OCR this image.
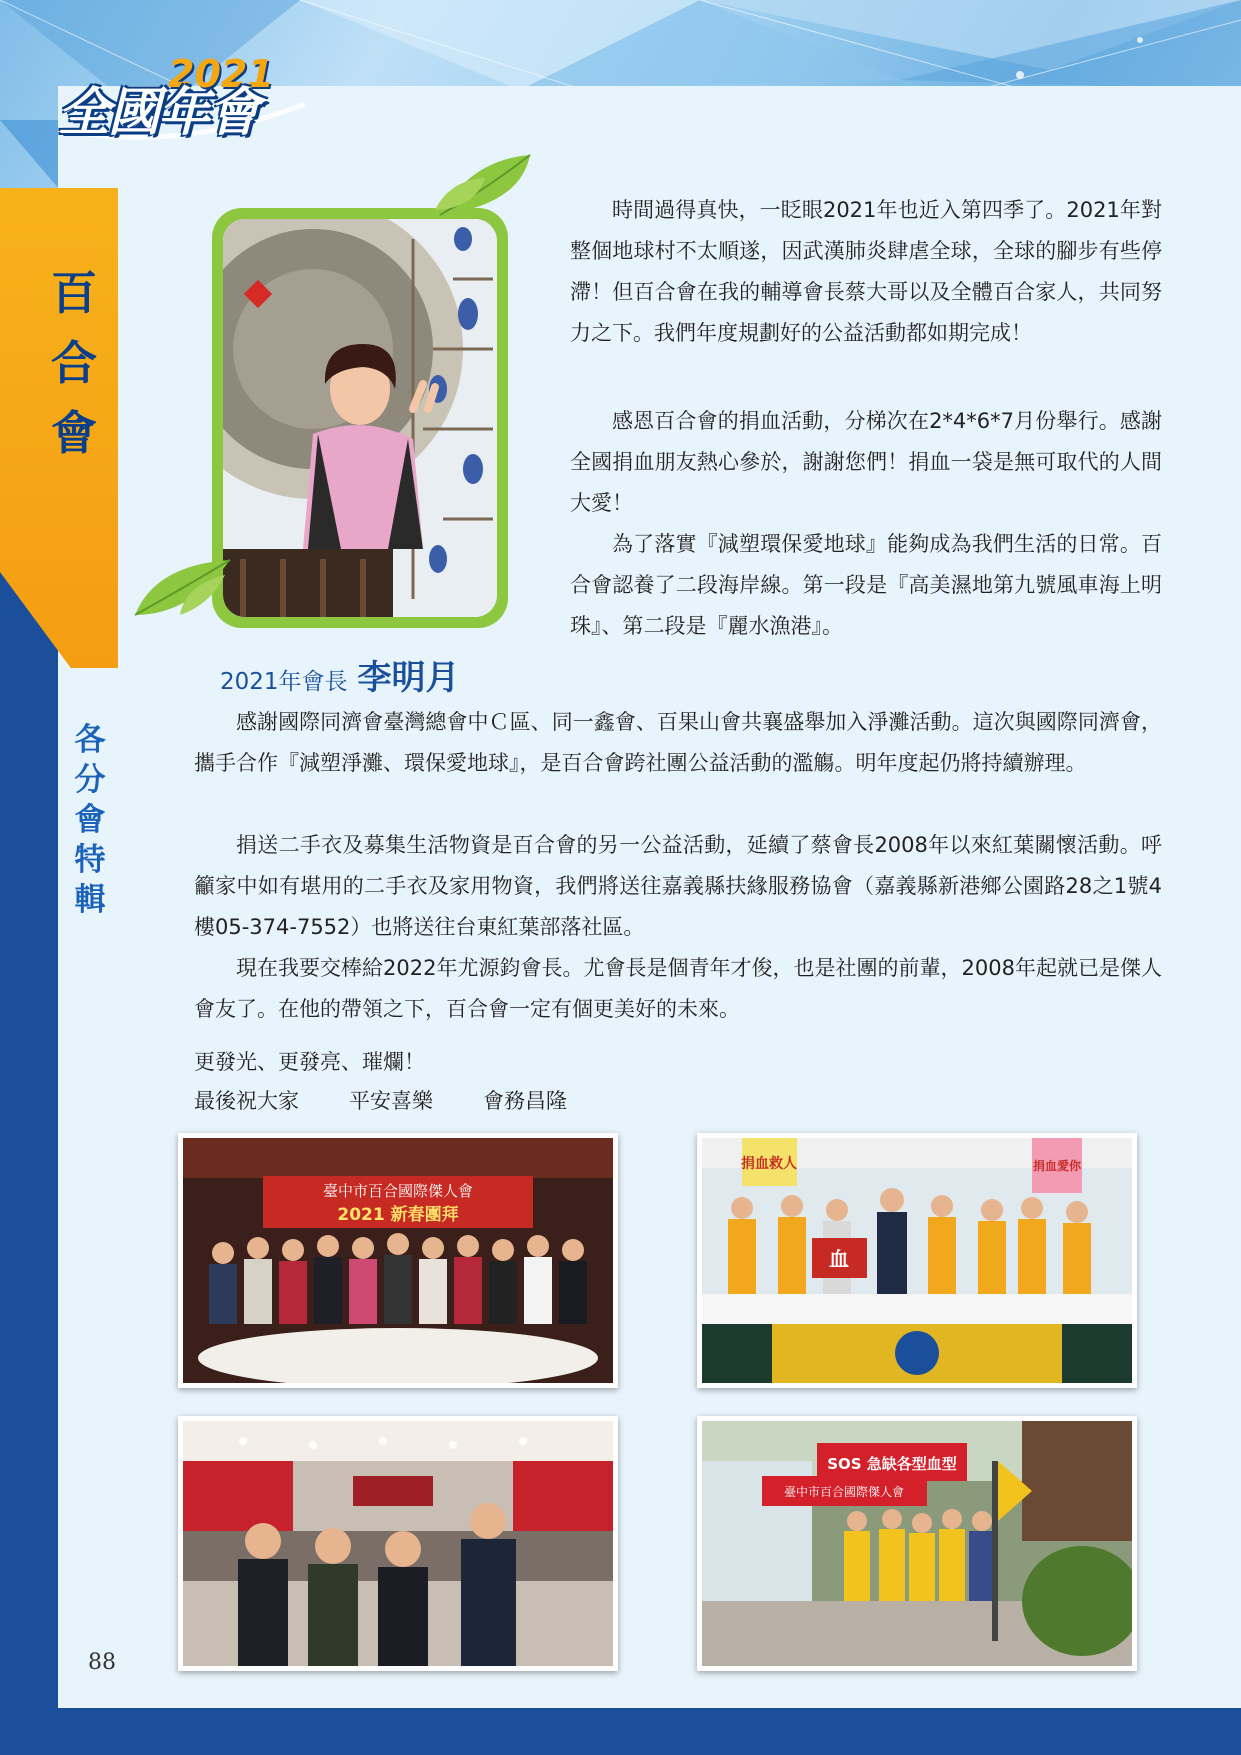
百
合
會
各
分
會
特
輯
2021
全國年會
2021年會長 李明月

時間過得真快，一眨眼2021年也近入第四季了。2021年對整個地球村不太順遂，因武漢肺炎肆虐全球，全球的腳步有些停滯！但百合會在我的輔導會長蔡大哥以及全體百合家人，共同努力之下。我們年度規劃好的公益活動都如期完成！

感恩百合會的捐血活動，分梯次在2*4*6*7月份舉行。感謝全國捐血朋友熱心參於，謝謝您們！捐血一袋是無可取代的人間大愛！

為了落實『減塑環保愛地球』能夠成為我們生活的日常。百合會認養了二段海岸線。第一段是『高美濕地第九號風車海上明珠』、第二段是『麗水漁港』。

感謝國際同濟會臺灣總會中Ｃ區、同一鑫會、百果山會共襄盛舉加入淨灘活動。這次與國際同濟會，攜手合作『減塑淨灘、環保愛地球』，是百合會跨社團公益活動的濫觴。明年度起仍將持續辦理。

捐送二手衣及募集生活物資是百合會的另一公益活動，延續了蔡會長2008年以來紅葉關懷活動。呼籲家中如有堪用的二手衣及家用物資，我們將送往嘉義縣扶緣服務協會（嘉義縣新港鄉公園路28之1號4樓05-374-7552）也將送往台東紅葉部落社區。

現在我要交棒給2022年尤源鈞會長。尤會長是個青年才俊，也是社團的前輩，2008年起就已是傑人會友了。在他的帶領之下，百合會一定有個更美好的未來。

更發光、更發亮、璀爛！
最後祝大家 平安喜樂 會務昌隆
臺中市百合國際傑人會
2021 新春團拜
捐血救人	捐血愛你
血
SOS 急缺各型血型
臺中市百合國際傑人會
88
